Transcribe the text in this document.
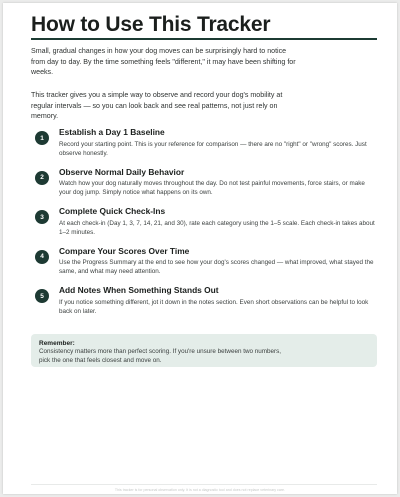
How to Use This Tracker

Small, gradual changes in how your dog moves can be surprisingly hard to notice from day to day. By the time something feels "different," it may have been shifting for weeks.

This tracker gives you a simple way to observe and record your dog's mobility at regular intervals — so you can look back and see real patterns, not just rely on memory.

1
Establish a Day 1 Baseline
Record your starting point. This is your reference for comparison — there are no "right" or "wrong" scores. Just observe honestly.
2
Observe Normal Daily Behavior
Watch how your dog naturally moves throughout the day. Do not test painful movements, force stairs, or make your dog jump. Simply notice what happens on its own.
3
Complete Quick Check-Ins
At each check-in (Day 1, 3, 7, 14, 21, and 30), rate each category using the 1–5 scale. Each check-in takes about 1–2 minutes.
4
Compare Your Scores Over Time
Use the Progress Summary at the end to see how your dog's scores changed — what improved, what stayed the same, and what may need attention.
5
Add Notes When Something Stands Out
If you notice something different, jot it down in the notes section. Even short observations can be helpful to look back on later.
Remember:
Consistency matters more than perfect scoring. If you're unsure between two numbers, pick the one that feels closest and move on.
This tracker is for personal observation only. It is not a diagnostic tool and does not replace veterinary care.
